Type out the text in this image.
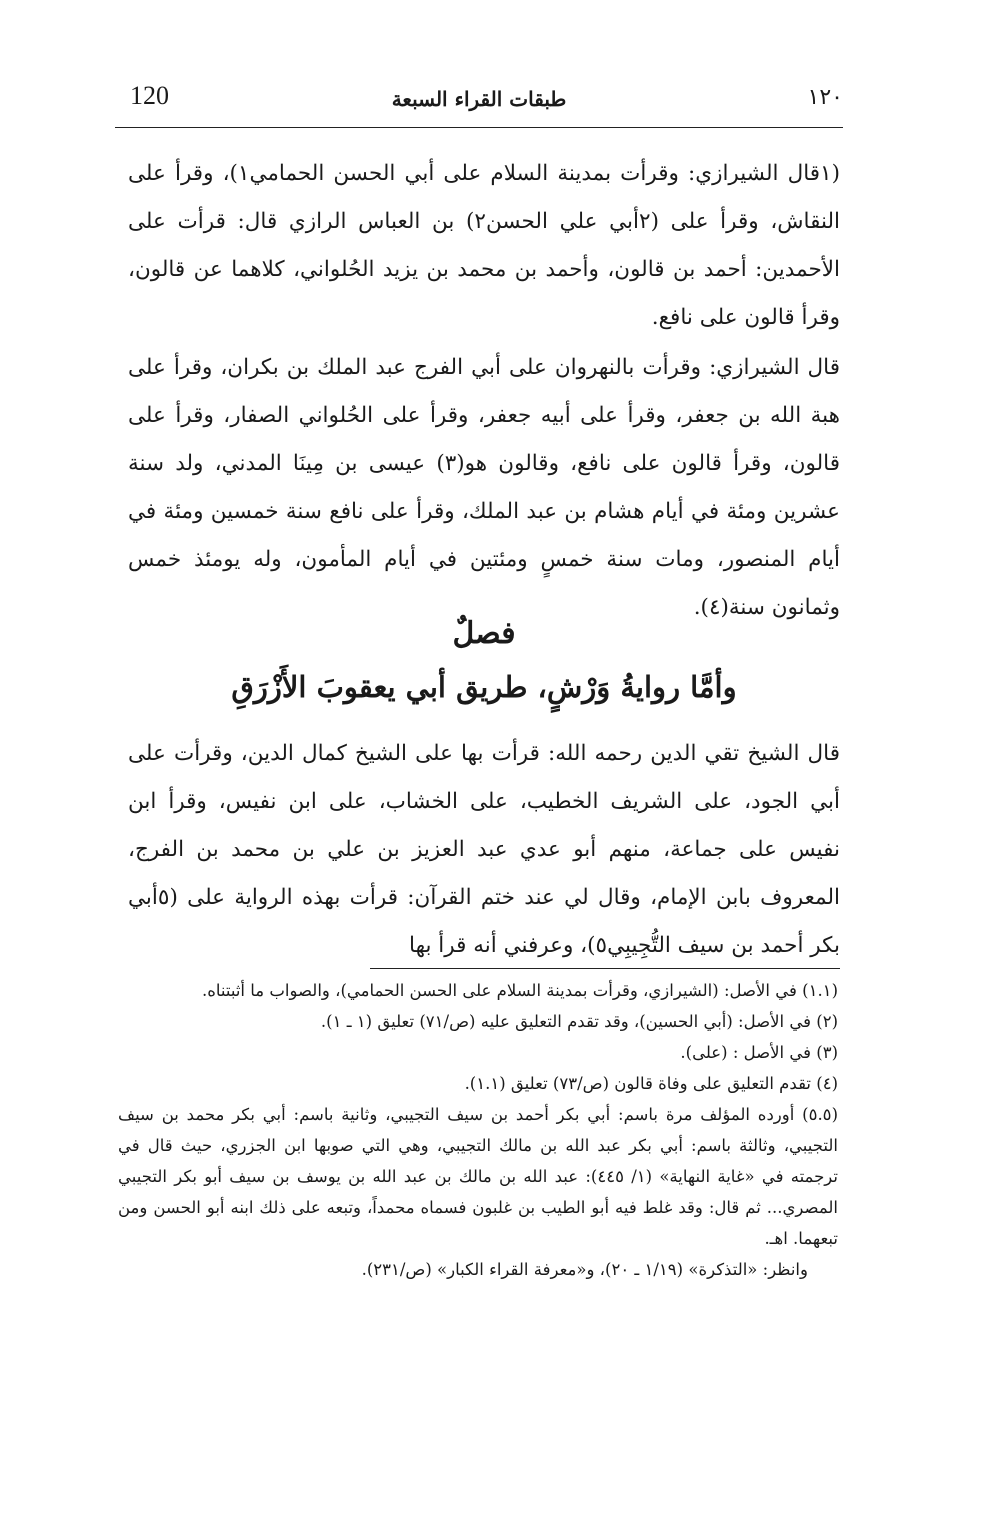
120	طبقات القراء السبعة	١٢٠
(١قال الشيرازي: وقرأت بمدينة السلام على أبي الحسن الحمامي١)، وقرأ على النقاش، وقرأ على (٢أبي علي الحسن٢) بن العباس الرازي قال: قرأت على الأحمدين: أحمد بن قالون، وأحمد بن محمد بن يزيد الحُلواني، كلاهما عن قالون، وقرأ قالون على نافع.
قال الشيرازي: وقرأت بالنهروان على أبي الفرج عبد الملك بن بكران، وقرأ على هبة الله بن جعفر، وقرأ على أبيه جعفر، وقرأ على الحُلواني الصفار، وقرأ على قالون، وقرأ قالون على نافع، وقالون هو(٣) عيسى بن مِينَا المدني، ولد سنة عشرين ومئة في أيام هشام بن عبد الملك، وقرأ على نافع سنة خمسين ومئة في أيام المنصور، ومات سنة خمسٍ ومئتين في أيام المأمون، وله يومئذ خمس وثمانون سنة(٤).
فصلٌ
وأمَّا روايةُ وَرْشٍ، طريق أبي يعقوبَ الأَزْرَقِ
قال الشيخ تقي الدين رحمه الله: قرأت بها على الشيخ كمال الدين، وقرأت على أبي الجود، على الشريف الخطيب، على الخشاب، على ابن نفيس، وقرأ ابن نفيس على جماعة، منهم أبو عدي عبد العزيز بن علي بن محمد بن الفرج، المعروف بابن الإمام، وقال لي عند ختم القرآن: قرأت بهذه الرواية على (٥أبي بكر أحمد بن سيف التُّجِيبِي٥)، وعرفني أنه قرأ بها

(١.١) في الأصل: (الشيرازي، وقرأت بمدينة السلام على الحسن الحمامي)، والصواب ما أثبتناه.

(٢) في الأصل: (أبي الحسين)، وقد تقدم التعليق عليه (ص/٧١) تعليق (١ ـ ١).

(٣) في الأصل : (على).

(٤) تقدم التعليق على وفاة قالون (ص/٧٣) تعليق (١.١).

(٥.٥) أورده المؤلف مرة باسم: أبي بكر أحمد بن سيف التجيبي، وثانية باسم: أبي بكر محمد بن سيف التجيبي، وثالثة باسم: أبي بكر عبد الله بن مالك التجيبي، وهي التي صوبها ابن الجزري، حيث قال في ترجمته في «غاية النهاية» (١/ ٤٤٥): عبد الله بن مالك بن عبد الله بن يوسف بن سيف أبو بكر التجيبي المصري... ثم قال: وقد غلط فيه أبو الطيب بن غلبون فسماه محمداً، وتبعه على ذلك ابنه أبو الحسن ومن تبعهما. اهـ.

وانظر: «التذكرة» (١/١٩ ـ ٢٠)، و«معرفة القراء الكبار» (ص/٢٣١).
